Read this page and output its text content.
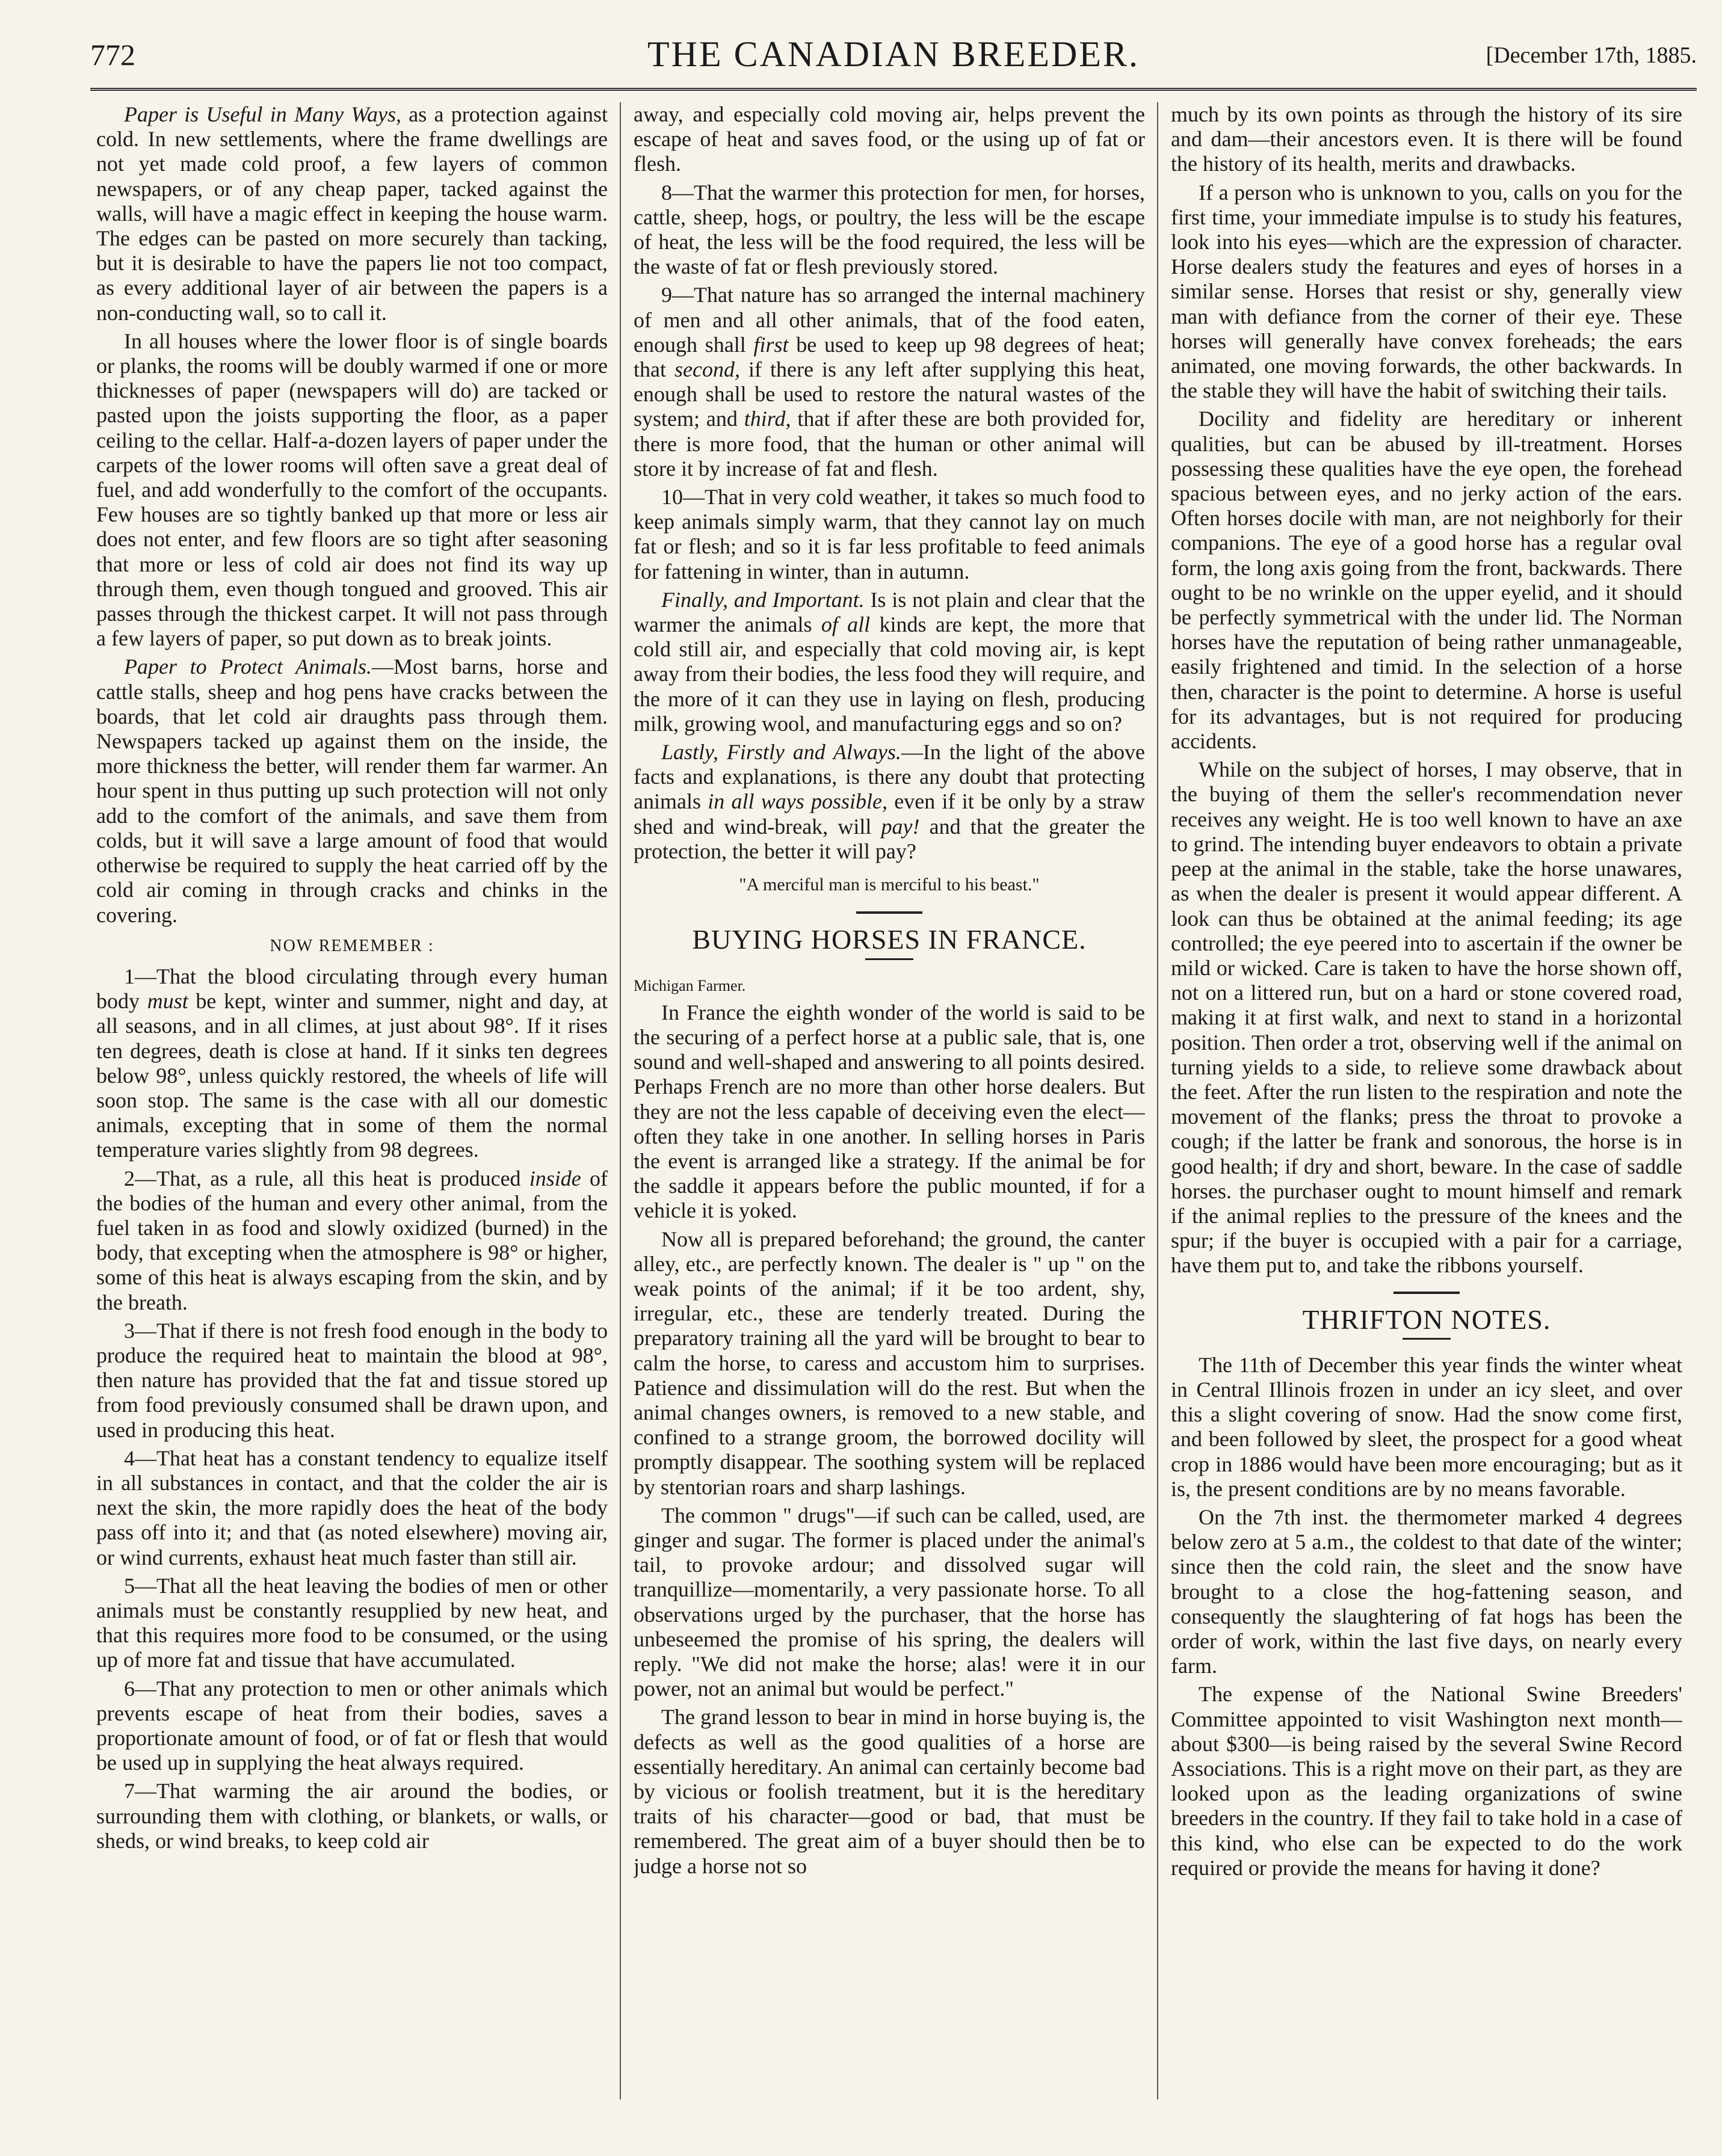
772	THE CANADIAN BREEDER.	[December 17th, 1885.

Paper is Useful in Many Ways, as a protection against cold. In new settlements, where the frame dwellings are not yet made cold proof, a few layers of common newspapers, or of any cheap paper, tacked against the walls, will have a magic effect in keeping the house warm. The edges can be pasted on more securely than tacking, but it is desirable to have the papers lie not too compact, as every additional layer of air between the papers is a non-conducting wall, so to call it.

In all houses where the lower floor is of single boards or planks, the rooms will be doubly warmed if one or more thicknesses of paper (newspapers will do) are tacked or pasted upon the joists supporting the floor, as a paper ceiling to the cellar. Half-a-dozen layers of paper under the carpets of the lower rooms will often save a great deal of fuel, and add wonderfully to the comfort of the occupants. Few houses are so tightly banked up that more or less air does not enter, and few floors are so tight after seasoning that more or less of cold air does not find its way up through them, even though tongued and grooved. This air passes through the thickest carpet. It will not pass through a few layers of paper, so put down as to break joints.

Paper to Protect Animals.—Most barns, horse and cattle stalls, sheep and hog pens have cracks between the boards, that let cold air draughts pass through them. Newspapers tacked up against them on the inside, the more thickness the better, will render them far warmer. An hour spent in thus putting up such protection will not only add to the comfort of the animals, and save them from colds, but it will save a large amount of food that would otherwise be required to supply the heat carried off by the cold air coming in through cracks and chinks in the covering.

NOW REMEMBER :

1—That the blood circulating through every human body must be kept, winter and summer, night and day, at all seasons, and in all climes, at just about 98°. If it rises ten degrees, death is close at hand. If it sinks ten degrees below 98°, unless quickly restored, the wheels of life will soon stop. The same is the case with all our domestic animals, excepting that in some of them the normal temperature varies slightly from 98 degrees.

2—That, as a rule, all this heat is produced inside of the bodies of the human and every other animal, from the fuel taken in as food and slowly oxidized (burned) in the body, that excepting when the atmosphere is 98° or higher, some of this heat is always escaping from the skin, and by the breath.

3—That if there is not fresh food enough in the body to produce the required heat to maintain the blood at 98°, then nature has provided that the fat and tissue stored up from food previously consumed shall be drawn upon, and used in producing this heat.

4—That heat has a constant tendency to equalize itself in all substances in contact, and that the colder the air is next the skin, the more rapidly does the heat of the body pass off into it; and that (as noted elsewhere) moving air, or wind currents, exhaust heat much faster than still air.

5—That all the heat leaving the bodies of men or other animals must be constantly resupplied by new heat, and that this requires more food to be consumed, or the using up of more fat and tissue that have accumulated.

6—That any protection to men or other animals which prevents escape of heat from their bodies, saves a proportionate amount of food, or of fat or flesh that would be used up in supplying the heat always required.

7—That warming the air around the bodies, or surrounding them with clothing, or blankets, or walls, or sheds, or wind breaks, to keep cold air

away, and especially cold moving air, helps prevent the escape of heat and saves food, or the using up of fat or flesh.

8—That the warmer this protection for men, for horses, cattle, sheep, hogs, or poultry, the less will be the escape of heat, the less will be the food required, the less will be the waste of fat or flesh previously stored.

9—That nature has so arranged the internal machinery of men and all other animals, that of the food eaten, enough shall first be used to keep up 98 degrees of heat; that second, if there is any left after supplying this heat, enough shall be used to restore the natural wastes of the system; and third, that if after these are both provided for, there is more food, that the human or other animal will store it by increase of fat and flesh.

10—That in very cold weather, it takes so much food to keep animals simply warm, that they cannot lay on much fat or flesh; and so it is far less profitable to feed animals for fattening in winter, than in autumn.

Finally, and Important. Is is not plain and clear that the warmer the animals of all kinds are kept, the more that cold still air, and especially that cold moving air, is kept away from their bodies, the less food they will require, and the more of it can they use in laying on flesh, producing milk, growing wool, and manufacturing eggs and so on?

Lastly, Firstly and Always.—In the light of the above facts and explanations, is there any doubt that protecting animals in all ways possible, even if it be only by a straw shed and wind-break, will pay! and that the greater the protection, the better it will pay?

"A merciful man is merciful to his beast."

BUYING HORSES IN FRANCE.

Michigan Farmer.

In France the eighth wonder of the world is said to be the securing of a perfect horse at a public sale, that is, one sound and well-shaped and answering to all points desired. Perhaps French are no more than other horse dealers. But they are not the less capable of deceiving even the elect—often they take in one another. In selling horses in Paris the event is arranged like a strategy. If the animal be for the saddle it appears before the public mounted, if for a vehicle it is yoked.

Now all is prepared beforehand; the ground, the canter alley, etc., are perfectly known. The dealer is " up " on the weak points of the animal; if it be too ardent, shy, irregular, etc., these are tenderly treated. During the preparatory training all the yard will be brought to bear to calm the horse, to caress and accustom him to surprises. Patience and dissimulation will do the rest. But when the animal changes owners, is removed to a new stable, and confined to a strange groom, the borrowed docility will promptly disappear. The soothing system will be replaced by stentorian roars and sharp lashings.

The common " drugs"—if such can be called, used, are ginger and sugar. The former is placed under the animal's tail, to provoke ardour; and dissolved sugar will tranquillize—momentarily, a very passionate horse. To all observations urged by the purchaser, that the horse has unbeseemed the promise of his spring, the dealers will reply. "We did not make the horse; alas! were it in our power, not an animal but would be perfect."

The grand lesson to bear in mind in horse buying is, the defects as well as the good qualities of a horse are essentially hereditary. An animal can certainly become bad by vicious or foolish treatment, but it is the hereditary traits of his character—good or bad, that must be remembered. The great aim of a buyer should then be to judge a horse not so

much by its own points as through the history of its sire and dam—their ancestors even. It is there will be found the history of its health, merits and drawbacks.

If a person who is unknown to you, calls on you for the first time, your immediate impulse is to study his features, look into his eyes—which are the expression of character. Horse dealers study the features and eyes of horses in a similar sense. Horses that resist or shy, generally view man with defiance from the corner of their eye. These horses will generally have convex foreheads; the ears animated, one moving forwards, the other backwards. In the stable they will have the habit of switching their tails.

Docility and fidelity are hereditary or inherent qualities, but can be abused by ill-treatment. Horses possessing these qualities have the eye open, the forehead spacious between eyes, and no jerky action of the ears. Often horses docile with man, are not neighborly for their companions. The eye of a good horse has a regular oval form, the long axis going from the front, backwards. There ought to be no wrinkle on the upper eyelid, and it should be perfectly symmetrical with the under lid. The Norman horses have the reputation of being rather unmanageable, easily frightened and timid. In the selection of a horse then, character is the point to determine. A horse is useful for its advantages, but is not required for producing accidents.

While on the subject of horses, I may observe, that in the buying of them the seller's recommendation never receives any weight. He is too well known to have an axe to grind. The intending buyer endeavors to obtain a private peep at the animal in the stable, take the horse unawares, as when the dealer is present it would appear different. A look can thus be obtained at the animal feeding; its age controlled; the eye peered into to ascertain if the owner be mild or wicked. Care is taken to have the horse shown off, not on a littered run, but on a hard or stone covered road, making it at first walk, and next to stand in a horizontal position. Then order a trot, observing well if the animal on turning yields to a side, to relieve some drawback about the feet. After the run listen to the respiration and note the movement of the flanks; press the throat to provoke a cough; if the latter be frank and sonorous, the horse is in good health; if dry and short, beware. In the case of saddle horses. the purchaser ought to mount himself and remark if the animal replies to the pressure of the knees and the spur; if the buyer is occupied with a pair for a carriage, have them put to, and take the ribbons yourself.

THRIFTON NOTES.

The 11th of December this year finds the winter wheat in Central Illinois frozen in under an icy sleet, and over this a slight covering of snow. Had the snow come first, and been followed by sleet, the prospect for a good wheat crop in 1886 would have been more encouraging; but as it is, the present conditions are by no means favorable.

On the 7th inst. the thermometer marked 4 degrees below zero at 5 a.m., the coldest to that date of the winter; since then the cold rain, the sleet and the snow have brought to a close the hog-fattening season, and consequently the slaughtering of fat hogs has been the order of work, within the last five days, on nearly every farm.

The expense of the National Swine Breeders' Committee appointed to visit Washington next month—about $300—is being raised by the several Swine Record Associations. This is a right move on their part, as they are looked upon as the leading organizations of swine breeders in the country. If they fail to take hold in a case of this kind, who else can be expected to do the work required or provide the means for having it done?
